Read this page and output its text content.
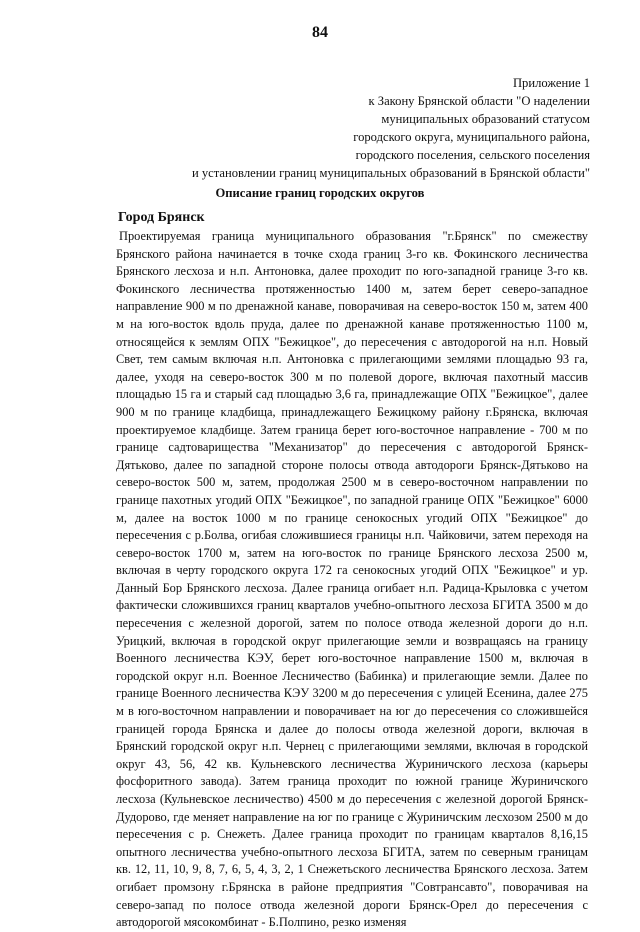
84
Приложение 1
к Закону Брянской области "О наделении
муниципальных образований статусом
городского округа, муниципального района,
городского поселения, сельского поселения
и установлении границ муниципальных образований в Брянской области"
Описание границ городских округов
Город Брянск
Проектируемая граница муниципального образования "г.Брянск" по смежеству Брянского района начинается в точке схода границ 3-го кв. Фокинского лесничества Брянского лесхоза и н.п. Антоновка, далее проходит по юго-западной границе 3-го кв. Фокинского лесничества протяженностью 1400 м, затем берет северо-западное направление 900 м по дренажной канаве, поворачивая на северо-восток 150 м, затем 400 м на юго-восток вдоль пруда, далее по дренажной канаве протяженностью 1100 м, относящейся к землям ОПХ "Бежицкое", до пересечения с автодорогой на н.п. Новый Свет, тем самым включая н.п. Антоновка с прилегающими землями площадью 93 га, далее, уходя на северо-восток 300 м по полевой дороге, включая пахотный массив площадью 15 га и старый сад площадью 3,6 га, принадлежащие ОПХ "Бежицкое", далее 900 м по границе кладбища, принадлежащего Бежицкому району г.Брянска, включая проектируемое кладбище. Затем граница берет юго-восточное направление - 700 м по границе садтоварищества "Механизатор" до пересечения с автодорогой Брянск-Дятьково, далее по западной стороне полосы отвода автодороги Брянск-Дятьково на северо-восток 500 м, затем, продолжая 2500 м в северо-восточном направлении по границе пахотных угодий ОПХ "Бежицкое", по западной границе ОПХ "Бежицкое" 6000 м, далее на восток 1000 м по границе сенокосных угодий ОПХ "Бежицкое" до пересечения с р.Болва, огибая сложившиеся границы н.п. Чайковичи, затем переходя на северо-восток 1700 м, затем на юго-восток по границе Брянского лесхоза 2500 м, включая в черту городского округа 172 га сенокосных угодий ОПХ "Бежицкое" и ур. Данный Бор Брянского лесхоза. Далее граница огибает н.п. Радица-Крыловка с учетом фактически сложившихся границ кварталов учебно-опытного лесхоза БГИТА 3500 м до пересечения с железной дорогой, затем по полосе отвода железной дороги до н.п. Урицкий, включая в городской округ прилегающие земли и возвращаясь на границу Военного лесничества КЭУ, берет юго-восточное направление 1500 м, включая в городской округ н.п. Военное Лесничество (Бабинка) и прилегающие земли. Далее по границе Военного лесничества КЭУ 3200 м до пересечения с улицей Есенина, далее 275 м в юго-восточном направлении и поворачивает на юг до пересечения со сложившейся границей города Брянска и далее до полосы отвода железной дороги, включая в Брянский городской округ н.п. Чернец с прилегающими землями, включая в городской округ 43, 56, 42 кв. Кульневского лесничества Журиничского лесхоза (карьеры фосфоритного завода). Затем граница проходит по южной границе Журиничского лесхоза (Кульневское лесничество) 4500 м до пересечения с железной дорогой Брянск-Дудорово, где меняет направление на юг по границе с Журиничским лесхозом 2500 м до пересечения с р. Снежеть. Далее граница проходит по границам кварталов 8,16,15 опытного лесничества учебно-опытного лесхоза БГИТА, затем по северным границам кв. 12, 11, 10, 9, 8, 7, 6, 5, 4, 3, 2, 1 Снежетьского лесничества Брянского лесхоза. Затем огибает промзону г.Брянска в районе предприятия "Совтрансавто", поворачивая на северо-запад по полосе отвода железной дороги Брянск-Орел до пересечения с автодорогой мясокомбинат - Б.Полпино, резко изменяя
